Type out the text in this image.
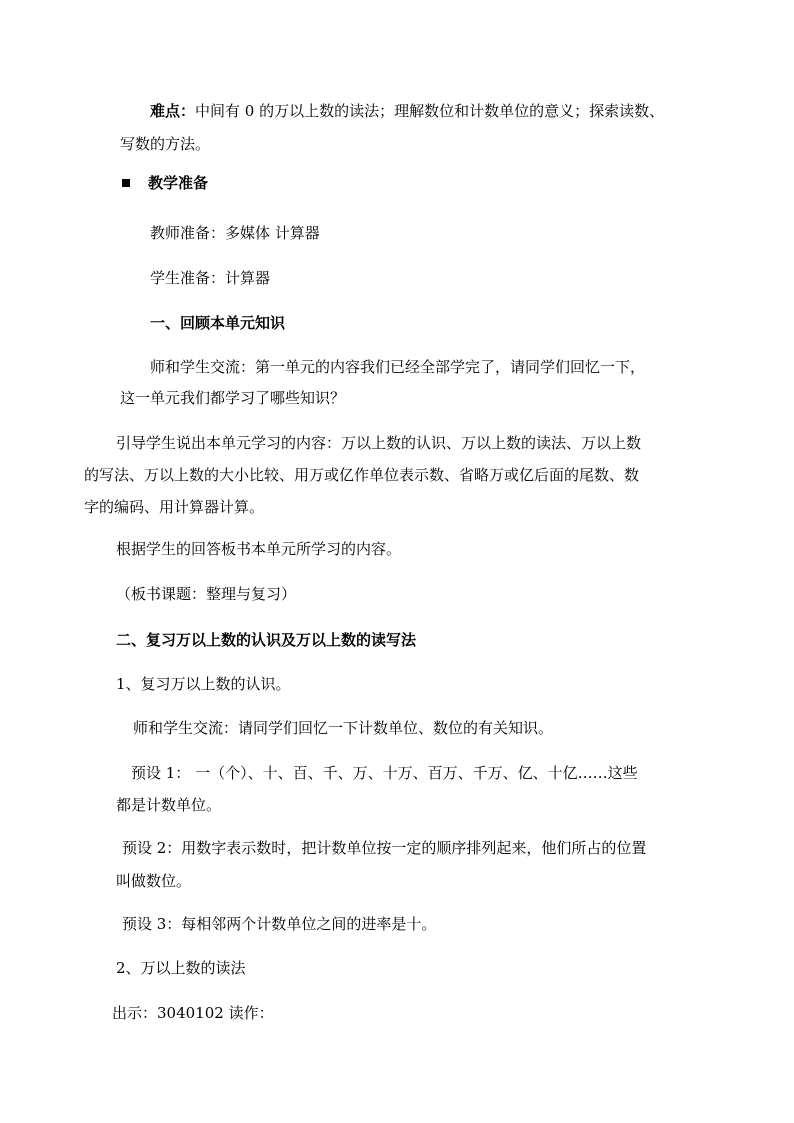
难点：中间有 0 的万以上数的读法；理解数位和计数单位的意义；探索读数、
写数的方法。
教学准备
教师准备：多媒体 计算器
学生准备：计算器
一、回顾本单元知识
师和学生交流：第一单元的内容我们已经全部学完了，请同学们回忆一下，
这一单元我们都学习了哪些知识？
引导学生说出本单元学习的内容：万以上数的认识、万以上数的读法、万以上数
的写法、万以上数的大小比较、用万或亿作单位表示数、省略万或亿后面的尾数、数
字的编码、用计算器计算。
根据学生的回答板书本单元所学习的内容。
（板书课题：整理与复习）
二、复习万以上数的认识及万以上数的读写法
1、复习万以上数的认识。
师和学生交流：请同学们回忆一下计数单位、数位的有关知识。
预设 1： 一（个）、十、百、千、万、十万、百万、千万、亿、十亿……这些
都是计数单位。
预设 2：用数字表示数时，把计数单位按一定的顺序排列起来，他们所占的位置
叫做数位。
预设 3：每相邻两个计数单位之间的进率是十。
2、万以上数的读法
出示：3040102 读作：
